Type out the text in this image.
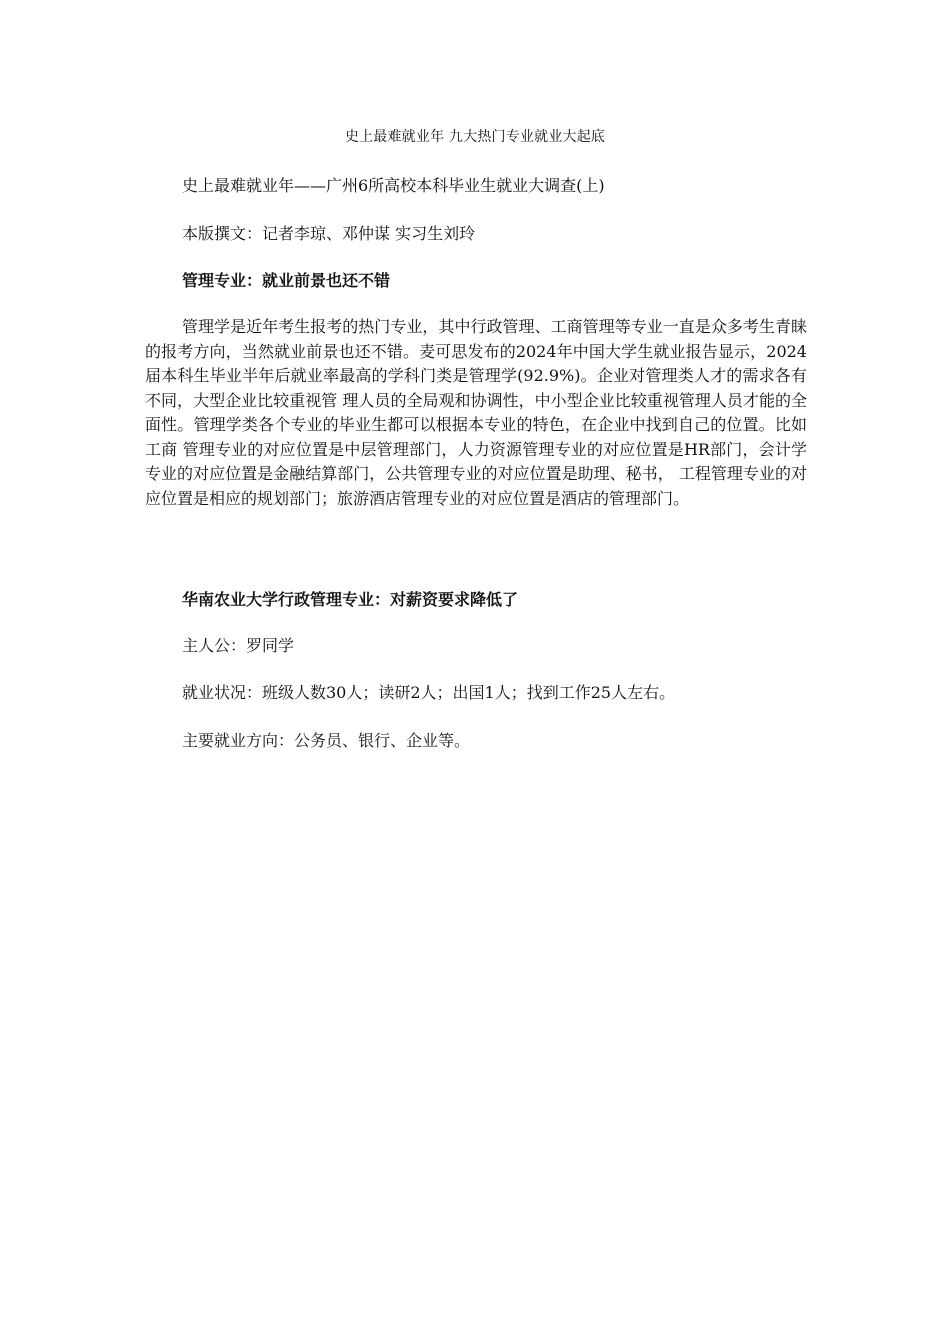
史上最难就业年 九大热门专业就业大起底

史上最难就业年——广州6所高校本科毕业生就业大调查(上)

本版撰文：记者李琼、邓仲谋 实习生刘玲

管理专业：就业前景也还不错

管理学是近年考生报考的热门专业，其中行政管理、工商管理等专业一直是众多考生青睐的报考方向，当然就业前景也还不错。麦可思发布的2024年中国大学生就业报告显示，2024届本科生毕业半年后就业率最高的学科门类是管理学(92.9%)。企业对管理类人才的需求各有不同，大型企业比较重视管 理人员的全局观和协调性，中小型企业比较重视管理人员才能的全面性。管理学类各个专业的毕业生都可以根据本专业的特色，在企业中找到自己的位置。比如工商 管理专业的对应位置是中层管理部门，人力资源管理专业的对应位置是HR部门，会计学专业的对应位置是金融结算部门，公共管理专业的对应位置是助理、秘书， 工程管理专业的对应位置是相应的规划部门；旅游酒店管理专业的对应位置是酒店的管理部门。

华南农业大学行政管理专业：对薪资要求降低了

主人公：罗同学

就业状况：班级人数30人；读研2人；出国1人；找到工作25人左右。

主要就业方向：公务员、银行、企业等。
